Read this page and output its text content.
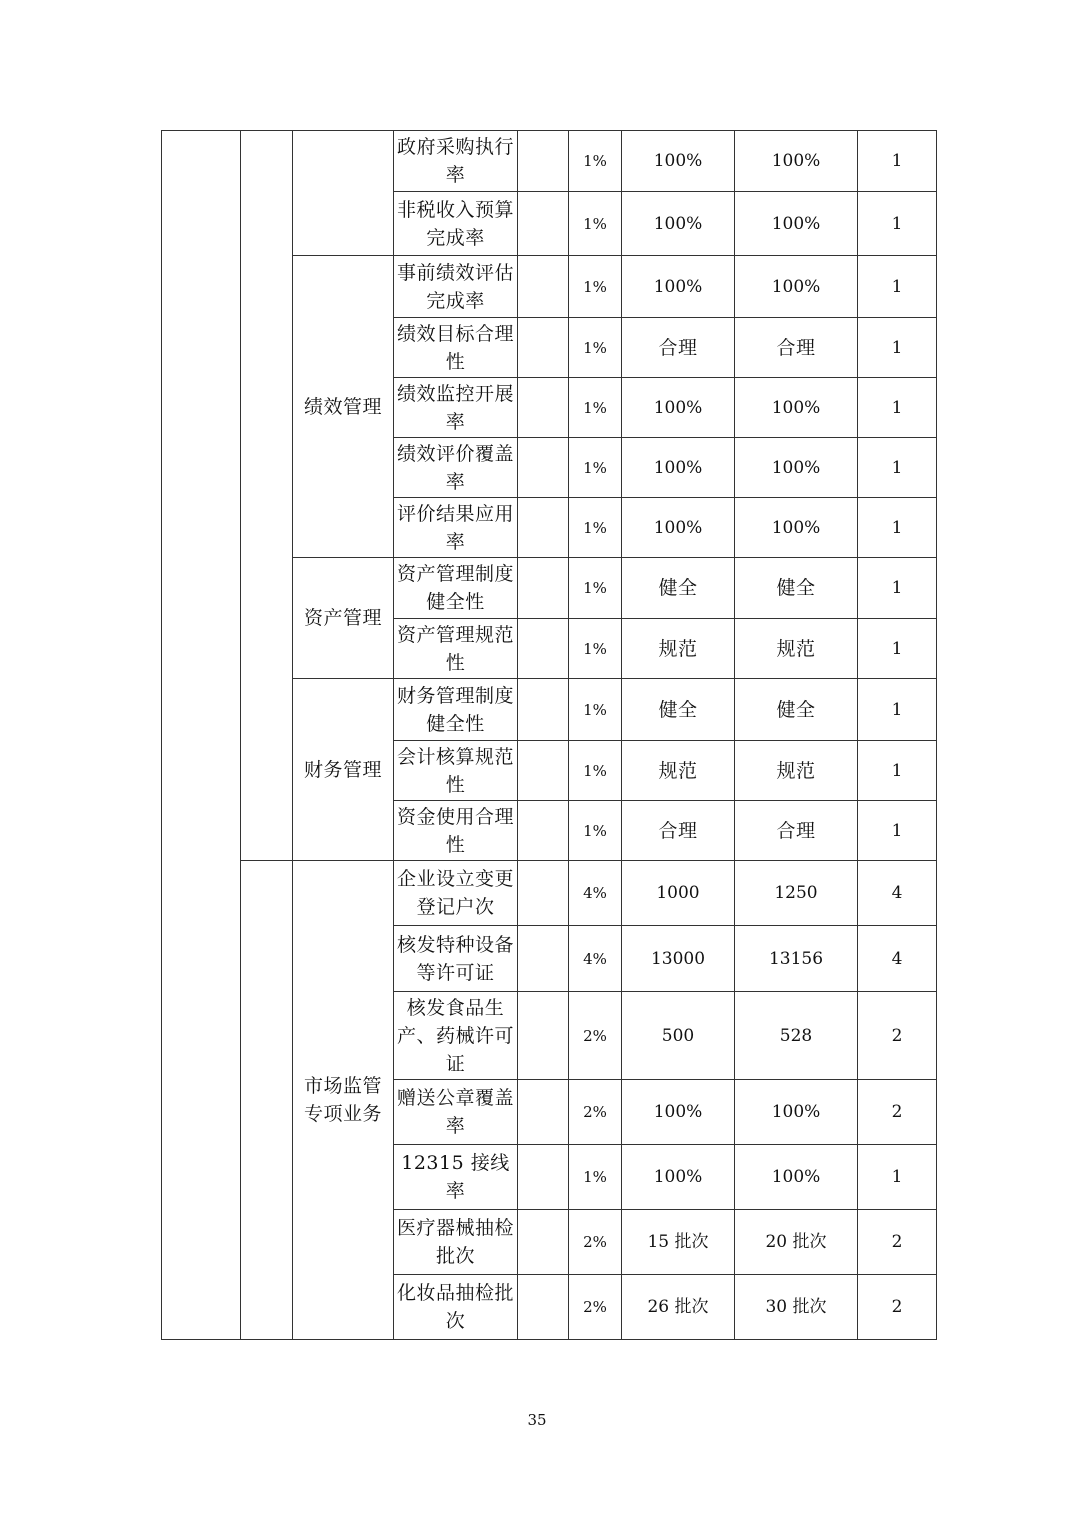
			政府采购执行率		1%	100%	100%	1
			非税收入预算完成率		1%	100%	100%	1
		绩效管理	事前绩效评估完成率		1%	100%	100%	1
			绩效目标合理性		1%	合理	合理	1
			绩效监控开展率		1%	100%	100%	1
			绩效评价覆盖率		1%	100%	100%	1
			评价结果应用率		1%	100%	100%	1
		资产管理	资产管理制度健全性		1%	健全	健全	1
			资产管理规范性		1%	规范	规范	1
		财务管理	财务管理制度健全性		1%	健全	健全	1
			会计核算规范性		1%	规范	规范	1
			资金使用合理性		1%	合理	合理	1
		市场监管专项业务	企业设立变更登记户次		4%	1000	1250	4
			核发特种设备等许可证		4%	13000	13156	4
			核发食品生产、药械许可证		2%	500	528	2
			赠送公章覆盖率		2%	100%	100%	2
			12315 接线率		1%	100%	100%	1
			医疗器械抽检批次		2%	15 批次	20 批次	2
			化妆品抽检批次		2%	26 批次	30 批次	2
35
